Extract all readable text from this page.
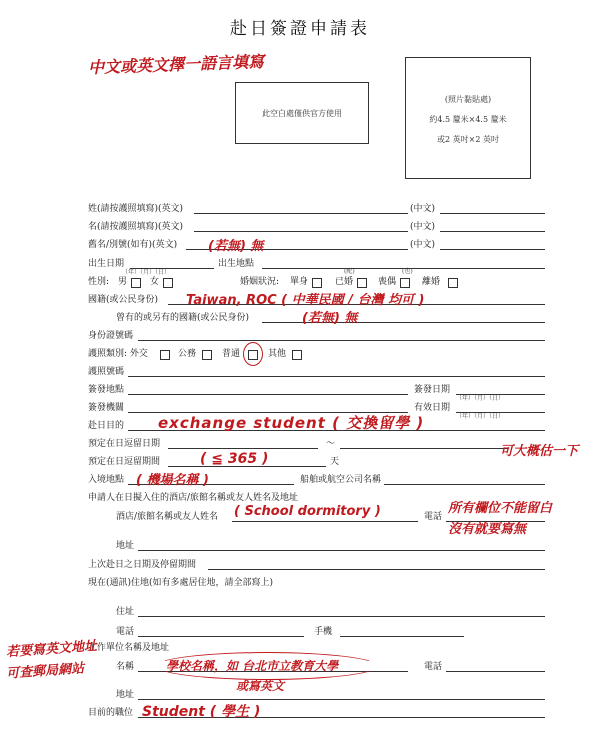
赴日簽證申請表
中文或英文擇一語言填寫
此空白處僅供官方使用
(照片黏貼處)
約4.5 釐米×4.5 釐米
或2 英吋×2 英吋
姓(請按護照填寫)(英文)	(中文)
名(請按護照填寫)(英文)	(中文)
舊名/別號(如有)(英文)	(中文)
(若無) 無
出生日期
（年）（月）（日）
出生地點
性別: 男	女	婚姻狀況: 單身	已婚
(配)
喪偶
(也)
離婚
國籍(或公民身份) Taiwan, ROC ( 中華民國 / 台灣 均可 )
曾有的或另有的國籍(或公民身份)	(若無) 無
身份證號碼
護照類別: 外交	公務	普通	其他
護照號碼
簽發地點	簽發日期
（年）（月）（日）
簽發機關	有效日期
（年）（月）（日）
赴日目的 exchange student ( 交換留學 )
預定在日逗留日期	～	可大概估一下
預定在日逗留期間	天
( ≦ 365 )
入境地點 ( 機場名稱 )	船舶或航空公司名稱
申請人在日擬入住的酒店/旅館名稱或友人姓名及地址
酒店/旅館名稱或友人姓名 ( School dormitory )	電話
所有欄位不能留白
沒有就要寫無
地址
上次赴日之日期及停留期間
現在(通訊)住地(如有多處居住地，請全部寫上)
住址
電話	手機
工作單位名稱及地址
名稱	學校名稱，如 台北市立教育大學
或寫英文
電話
地址
目前的職位 Student ( 學生 )
若要寫英文地址
可查郵局網站
